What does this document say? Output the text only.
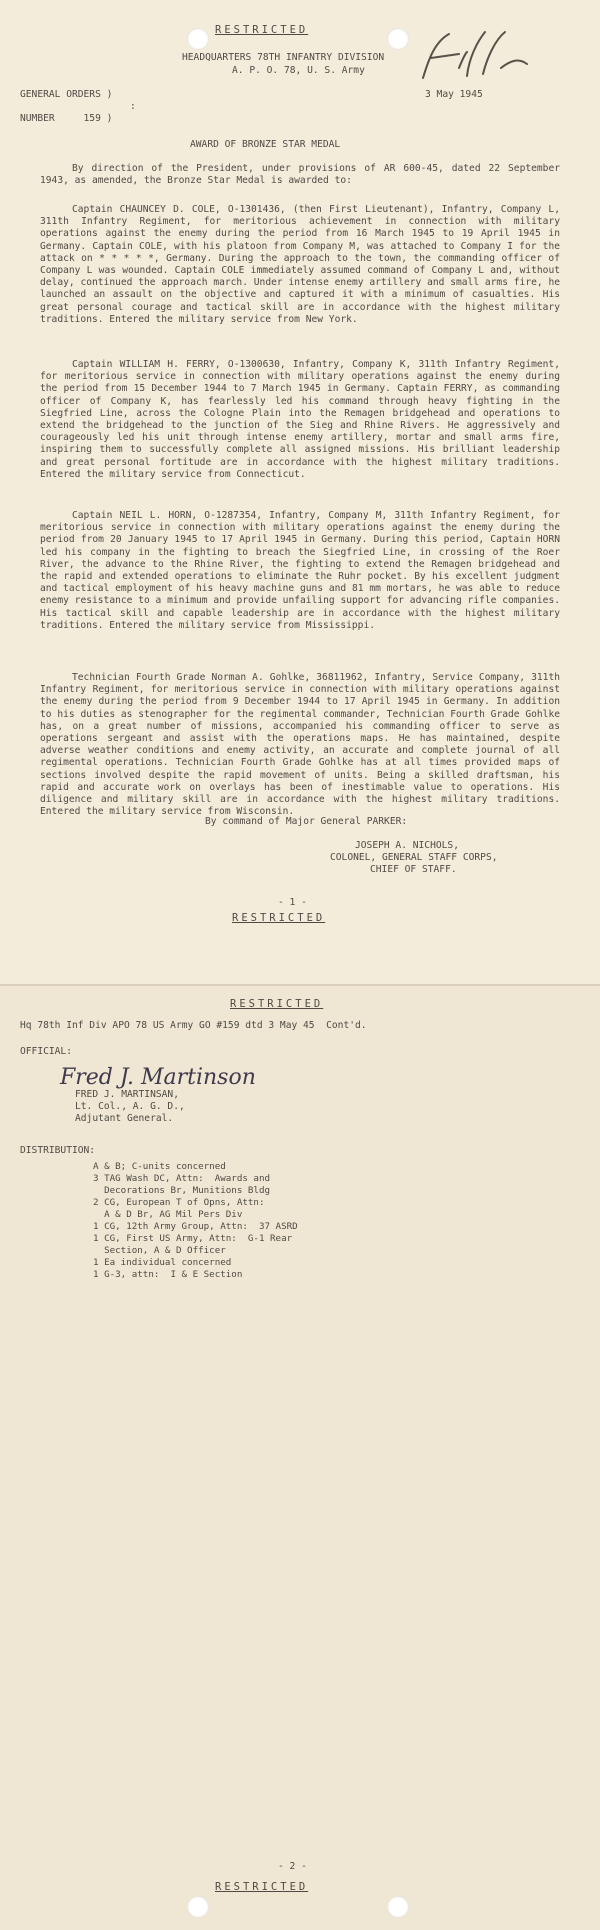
RESTRICTED
HEADQUARTERS 78TH INFANTRY DIVISION
A. P. O. 78, U. S. Army
GENERAL ORDERS )
:
NUMBER     159 )
3 May 1945
AWARD OF BRONZE STAR MEDAL

By direction of the President, under provisions of AR 600-45, dated 22 September 1943, as amended, the Bronze Star Medal is awarded to:

Captain CHAUNCEY D. COLE, O-1301436, (then First Lieutenant), Infantry, Company L, 311th Infantry Regiment, for meritorious achievement in connection with military operations against the enemy during the period from 16 March 1945 to 19 April 1945 in Germany. Captain COLE, with his platoon from Company M, was attached to Company I for the attack on * * * * *, Germany. During the approach to the town, the commanding officer of Company L was wounded. Captain COLE immediately assumed command of Company L and, without delay, continued the approach march. Under intense enemy artillery and small arms fire, he launched an assault on the objective and captured it with a minimum of casualties. His great personal courage and tactical skill are in accordance with the highest military traditions. Entered the military service from New York.

Captain WILLIAM H. FERRY, O-1300630, Infantry, Company K, 311th Infantry Regiment, for meritorious service in connection with military operations against the enemy during the period from 15 December 1944 to 7 March 1945 in Germany. Captain FERRY, as commanding officer of Company K, has fearlessly led his command through heavy fighting in the Siegfried Line, across the Cologne Plain into the Remagen bridgehead and operations to extend the bridgehead to the junction of the Sieg and Rhine Rivers. He aggressively and courageously led his unit through intense enemy artillery, mortar and small arms fire, inspiring them to successfully complete all assigned missions. His brilliant leadership and great personal fortitude are in accordance with the highest military traditions. Entered the military service from Connecticut.

Captain NEIL L. HORN, O-1287354, Infantry, Company M, 311th Infantry Regiment, for meritorious service in connection with military operations against the enemy during the period from 20 January 1945 to 17 April 1945 in Germany. During this period, Captain HORN led his company in the fighting to breach the Siegfried Line, in crossing of the Roer River, the advance to the Rhine River, the fighting to extend the Remagen bridgehead and the rapid and extended operations to eliminate the Ruhr pocket. By his excellent judgment and tactical employment of his heavy machine guns and 81 mm mortars, he was able to reduce enemy resistance to a minimum and provide unfailing support for advancing rifle companies. His tactical skill and capable leadership are in accordance with the highest military traditions. Entered the military service from Mississippi.

Technician Fourth Grade Norman A. Gohlke, 36811962, Infantry, Service Company, 311th Infantry Regiment, for meritorious service in connection with military operations against the enemy during the period from 9 December 1944 to 17 April 1945 in Germany. In addition to his duties as stenographer for the regimental commander, Technician Fourth Grade Gohlke has, on a great number of missions, accompanied his commanding officer to serve as operations sergeant and assist with the operations maps. He has maintained, despite adverse weather conditions and enemy activity, an accurate and complete journal of all regimental operations. Technician Fourth Grade Gohlke has at all times provided maps of sections involved despite the rapid movement of units. Being a skilled draftsman, his rapid and accurate work on overlays has been of inestimable value to operations. His diligence and military skill are in accordance with the highest military traditions. Entered the military service from Wisconsin.

By command of Major General PARKER:
JOSEPH A. NICHOLS,
COLONEL, GENERAL STAFF CORPS,
CHIEF OF STAFF.
- 1 -
RESTRICTED
RESTRICTED
Hq 78th Inf Div APO 78 US Army GO #159 dtd 3 May 45  Cont'd.
OFFICIAL:
Fred J. Martinson
FRED J. MARTINSAN,
Lt. Col., A. G. D.,
Adjutant General.
DISTRIBUTION:
A & B; C-units concerned
3 TAG Wash DC, Attn:  Awards and
Decorations Br, Munitions Bldg
2 CG, European T of Opns, Attn:
A & D Br, AG Mil Pers Div
1 CG, 12th Army Group, Attn:  37 ASRD
1 CG, First US Army, Attn:  G-1 Rear
Section, A & D Officer
1 Ea individual concerned
1 G-3, attn:  I & E Section
- 2 -
RESTRICTED
